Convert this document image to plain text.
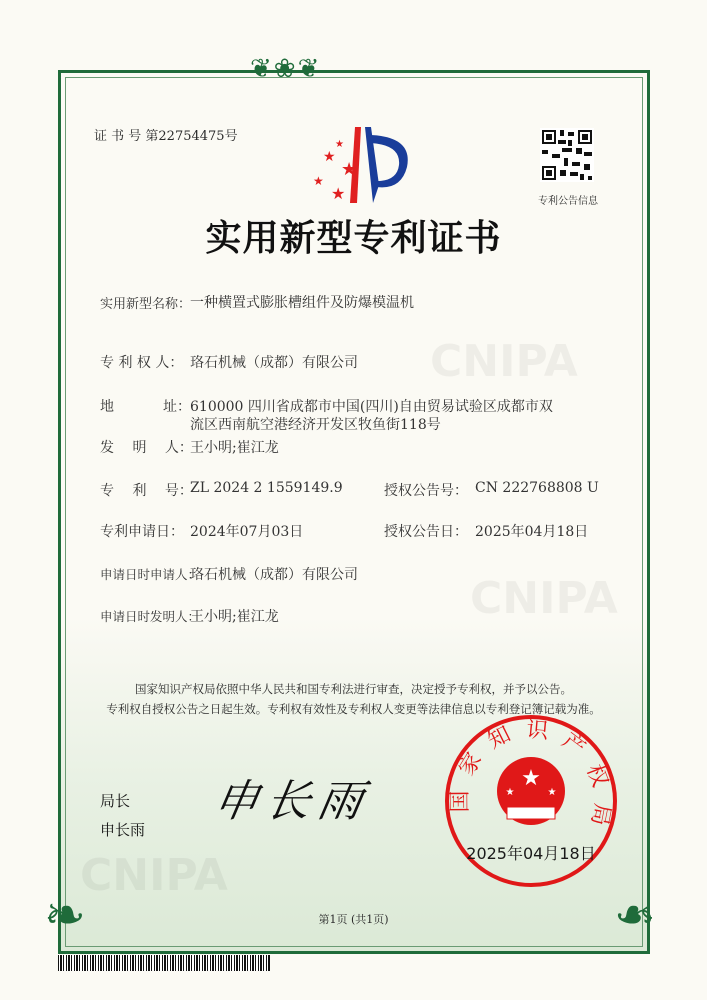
CNIPA
CNIPA
CNIPA
❦❀❦
❧	❧
证 书 号 第22754475号
★
★
★
★
★	专利公告信息
实用新型专利证书
实用新型名称：
一种横置式膨胀槽组件及防爆模温机
专 利 权 人： 珞石机械（成都）有限公司
地	址： 610000 四川省成都市中国(四川)自由贸易试验区成都市双
流区西南航空港经济开发区牧鱼街118号
发　 明　 人：
王小明;崔江龙
专　 利　 号：
ZL 2024 2 1559149.9	授权公告号： CN 222768808 U
专利申请日： 2024年07月03日	授权公告日： 2025年04月18日
申请日时申请人：
珞石机械（成都）有限公司
申请日时发明人：
王小明;崔江龙
国家知识产权局依照中华人民共和国专利法进行审查，决定授予专利权，并予以公告。
专利权自授权公告之日起生效。专利权有效性及专利权人变更等法律信息以专利登记簿记载为准。
局长
申长雨
申长雨	国家知识产权局
★
★	★
2025年04月18日
第1页 (共1页)
